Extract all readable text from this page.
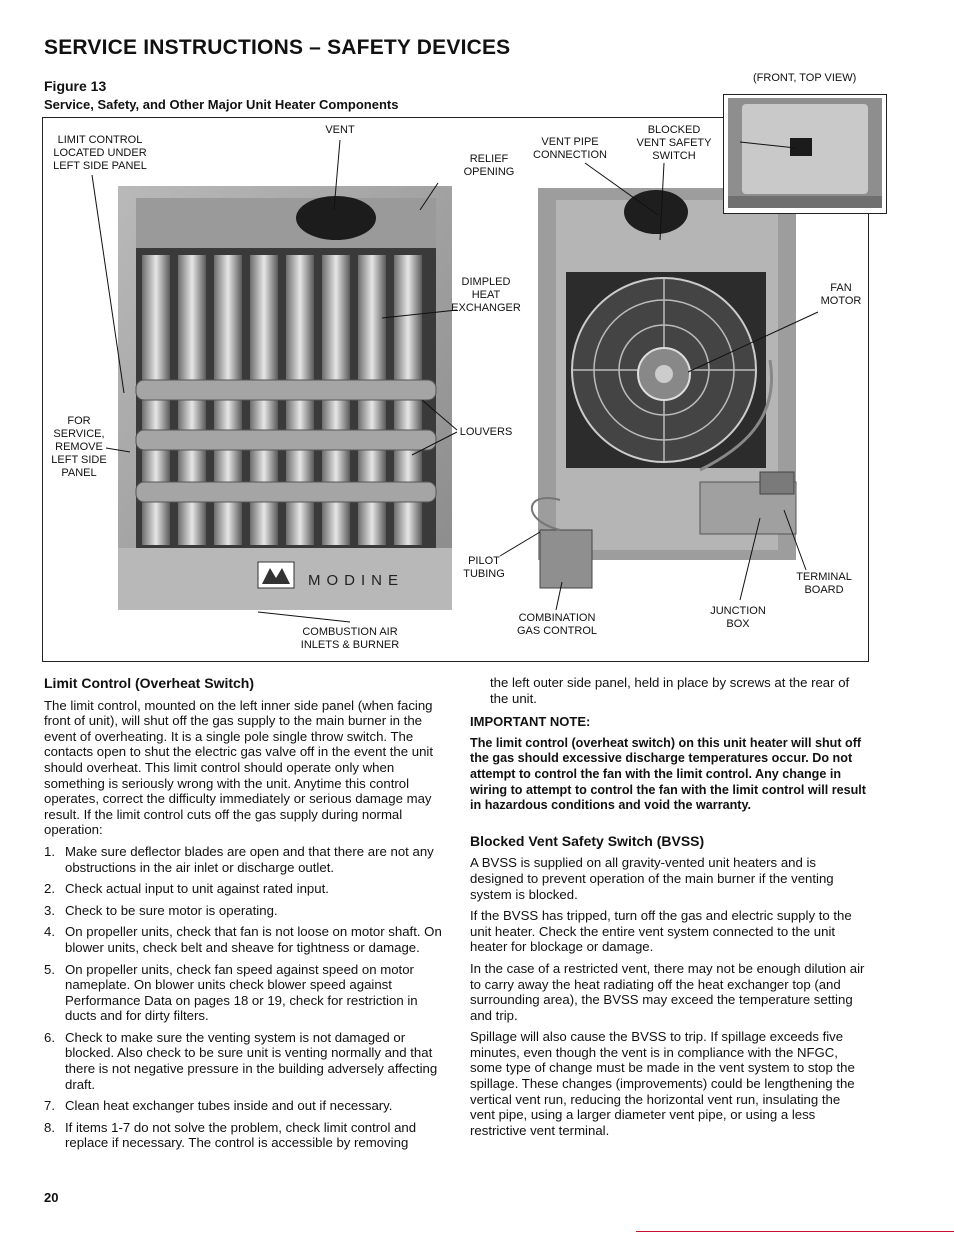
SERVICE INSTRUCTIONS – SAFETY DEVICES
Figure 13
Service, Safety, and Other Major Unit Heater Components
(FRONT, TOP VIEW)
MODINE
LIMIT CONTROL LOCATED UNDER LEFT SIDE PANEL
VENT
RELIEF OPENING
VENT PIPE CONNECTION
BLOCKED VENT SAFETY SWITCH
DIMPLED HEAT EXCHANGER
FAN MOTOR
FOR SERVICE, REMOVE LEFT SIDE PANEL
LOUVERS
PILOT TUBING	TERMINAL BOARD
JUNCTION BOX
COMBINATION GAS CONTROL
COMBUSTION AIR INLETS & BURNER
Limit Control (Overheat Switch)

The limit control, mounted on the left inner side panel (when facing front of unit), will shut off the gas supply to the main burner in the event of overheating. It is a single pole single throw switch. The contacts open to shut the electric gas valve off in the event the unit should overheat. This limit control should operate only when something is seriously wrong with the unit. Anytime this control operates, correct the difficulty immediately or serious damage may result. If the limit control cuts off the gas supply during normal operation:

1. Make sure deflector blades are open and that there are not any obstructions in the air inlet or discharge outlet.
2. Check actual input to unit against rated input.
3. Check to be sure motor is operating.
4. On propeller units, check that fan is not loose on motor shaft. On blower units, check belt and sheave for tightness or damage.
5. On propeller units, check fan speed against speed on motor nameplate. On blower units check blower speed against Performance Data on pages 18 or 19, check for restriction in ducts and for dirty filters.
6. Check to make sure the venting system is not damaged or blocked. Also check to be sure unit is venting normally and that there is not negative pressure in the building adversely affecting draft.
7. Clean heat exchanger tubes inside and out if necessary.
8. If items 1-7 do not solve the problem, check limit control and replace if necessary. The control is accessible by removing

the left outer side panel, held in place by screws at the rear of the unit.

IMPORTANT NOTE:
The limit control (overheat switch) on this unit heater will shut off the gas should excessive discharge temperatures occur. Do not attempt to control the fan with the limit control. Any change in wiring to attempt to control the fan with the limit control will result in hazardous conditions and void the warranty.
Blocked Vent Safety Switch (BVSS)

A BVSS is supplied on all gravity-vented unit heaters and is designed to prevent operation of the main burner if the venting system is blocked.

If the BVSS has tripped, turn off the gas and electric supply to the unit heater. Check the entire vent system connected to the unit heater for blockage or damage.

In the case of a restricted vent, there may not be enough dilution air to carry away the heat radiating off the heat exchanger top (and surrounding area), the BVSS may exceed the temperature setting and trip.

Spillage will also cause the BVSS to trip. If spillage exceeds five minutes, even though the vent is in compliance with the NFGC, some type of change must be made in the vent system to stop the spillage. These changes (improvements) could be lengthening the vertical vent run, reducing the horizontal vent run, insulating the vent pipe, using a larger diameter vent pipe, or using a less restrictive vent terminal.

20
